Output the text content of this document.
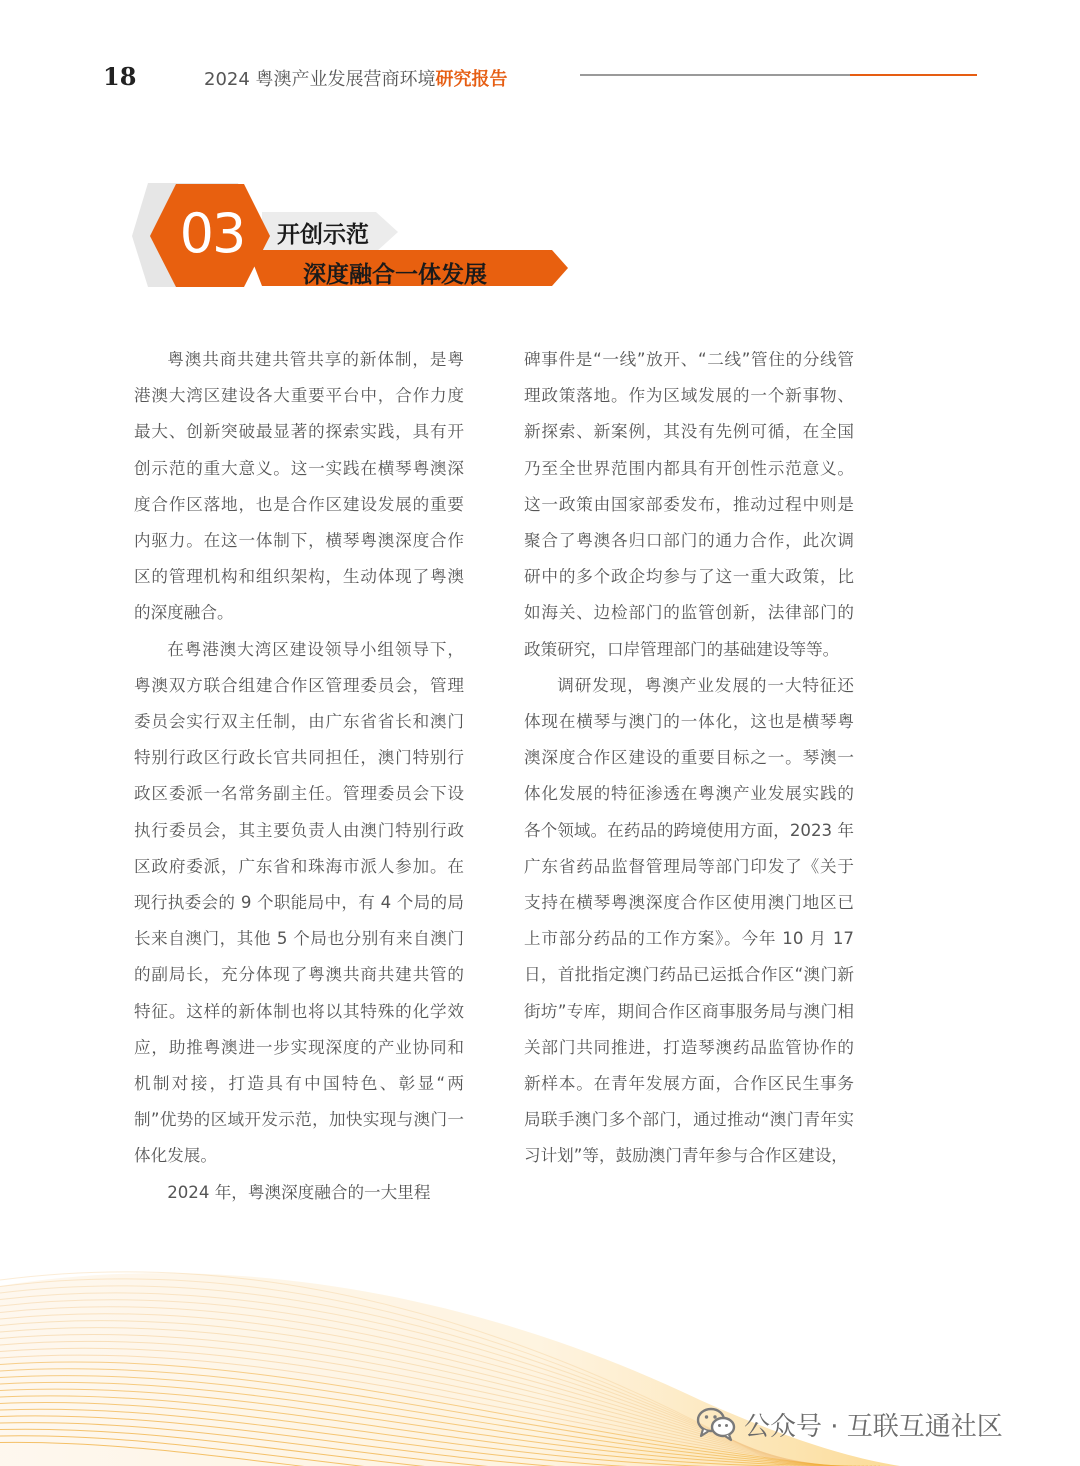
18	2024 粤澳产业发展营商环境研究报告
03 开创示范
深度融合一体发展

粤澳共商共建共管共享的新体制，是粤港澳大湾区建设各大重要平台中，合作力度最大、创新突破最显著的探索实践，具有开创示范的重大意义。这一实践在横琴粤澳深度合作区落地，也是合作区建设发展的重要内驱力。在这一体制下，横琴粤澳深度合作区的管理机构和组织架构，生动体现了粤澳的深度融合。

在粤港澳大湾区建设领导小组领导下，粤澳双方联合组建合作区管理委员会，管理委员会实行双主任制，由广东省省长和澳门特别行政区行政长官共同担任，澳门特别行政区委派一名常务副主任。管理委员会下设执行委员会，其主要负责人由澳门特别行政区政府委派，广东省和珠海市派人参加。在现行执委会的 9 个职能局中，有 4 个局的局长来自澳门，其他 5 个局也分别有来自澳门的副局长，充分体现了粤澳共商共建共管的特征。这样的新体制也将以其特殊的化学效应，助推粤澳进一步实现深度的产业协同和机制对接，打造具有中国特色、彰显“两制”优势的区域开发示范，加快实现与澳门一体化发展。

2024 年，粤澳深度融合的一大里程

碑事件是“一线”放开、“二线”管住的分线管理政策落地。作为区域发展的一个新事物、新探索、新案例，其没有先例可循，在全国乃至全世界范围内都具有开创性示范意义。这一政策由国家部委发布，推动过程中则是聚合了粤澳各归口部门的通力合作，此次调研中的多个政企均参与了这一重大政策，比如海关、边检部门的监管创新，法律部门的政策研究，口岸管理部门的基础建设等等。

调研发现，粤澳产业发展的一大特征还体现在横琴与澳门的一体化，这也是横琴粤澳深度合作区建设的重要目标之一。琴澳一体化发展的特征渗透在粤澳产业发展实践的各个领域。在药品的跨境使用方面，2023 年广东省药品监督管理局等部门印发了《关于支持在横琴粤澳深度合作区使用澳门地区已上市部分药品的工作方案》。今年 10 月 17 日，首批指定澳门药品已运抵合作区“澳门新街坊”专库，期间合作区商事服务局与澳门相关部门共同推进，打造琴澳药品监管协作的新样本。在青年发展方面，合作区民生事务局联手澳门多个部门，通过推动“澳门青年实习计划”等，鼓励澳门青年参与合作区建设，

公众号 · 互联互通社区
